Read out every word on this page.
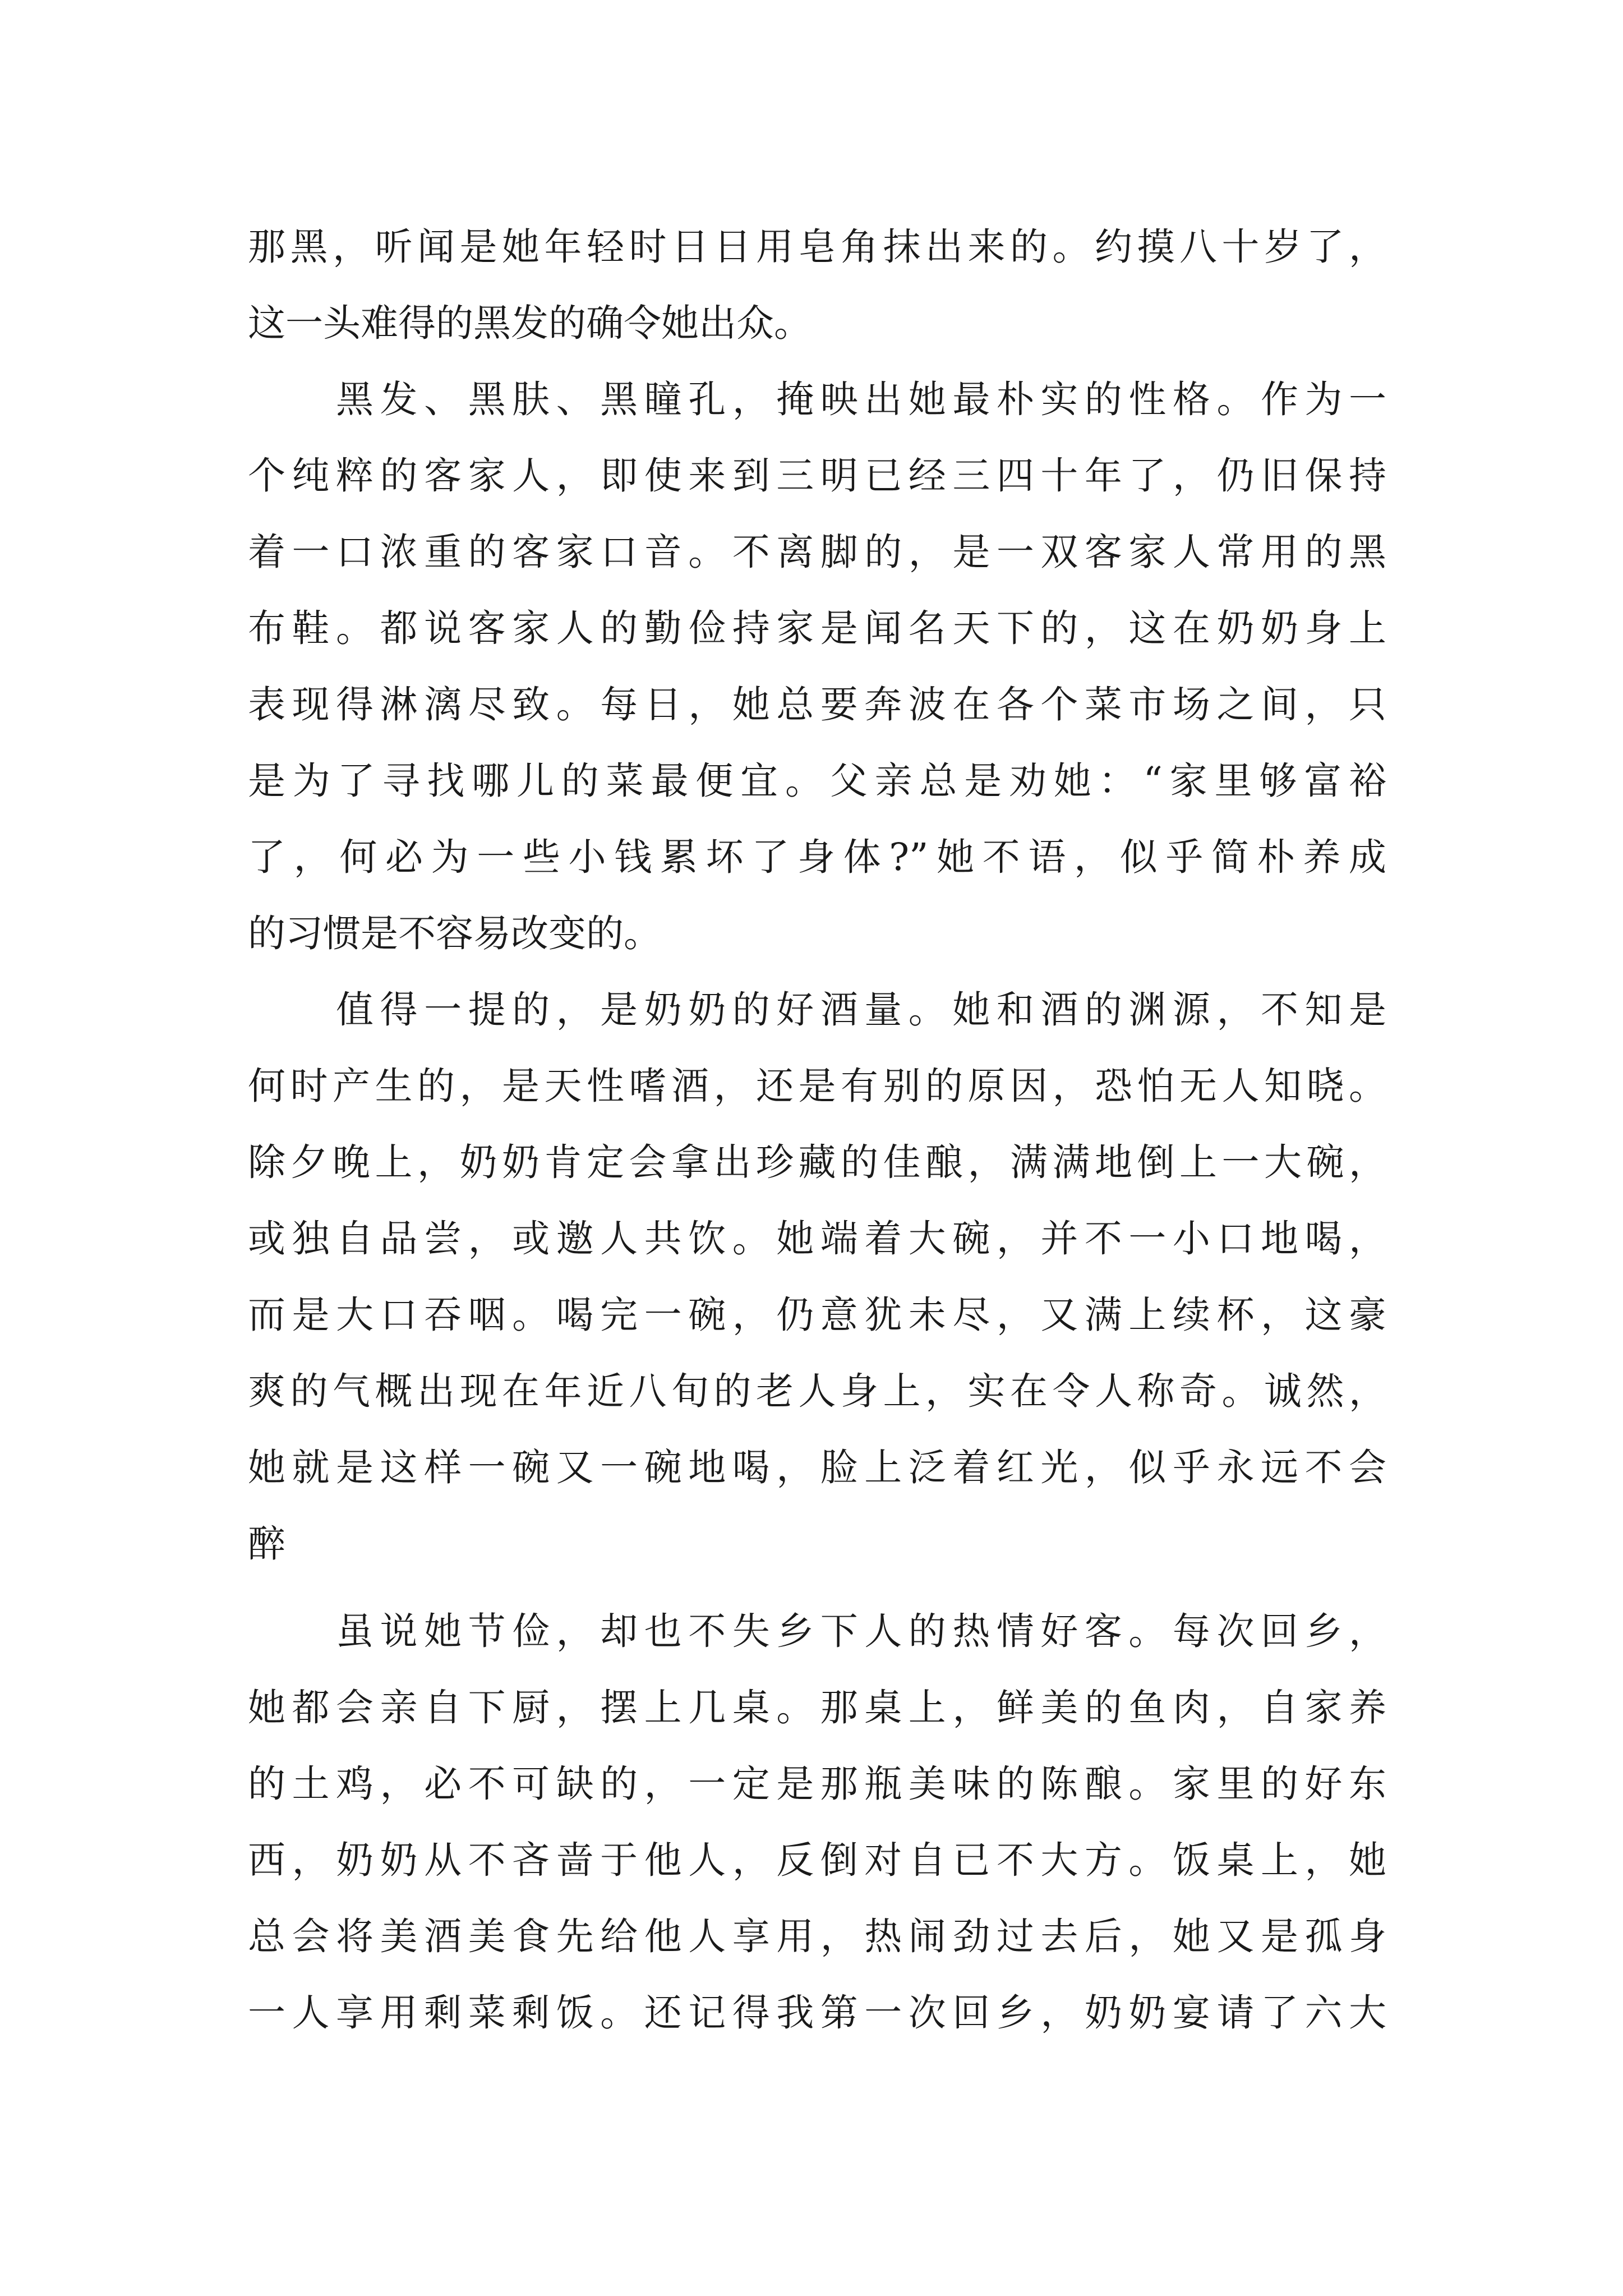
那黑，听闻是她年轻时日日用皂角抹出来的。约摸八十岁了，
这一头难得的黑发的确令她出众。
　　黑发、黑肤、黑瞳孔，掩映出她最朴实的性格。作为一
个纯粹的客家人，即使来到三明已经三四十年了，仍旧保持
着一口浓重的客家口音。不离脚的，是一双客家人常用的黑
布鞋。都说客家人的勤俭持家是闻名天下的，这在奶奶身上
表现得淋漓尽致。每日，她总要奔波在各个菜市场之间，只
是为了寻找哪儿的菜最便宜。父亲总是劝她：“家里够富裕
了，何必为一些小钱累坏了身体?”她不语，似乎简朴养成
的习惯是不容易改变的。
　　值得一提的，是奶奶的好酒量。她和酒的渊源，不知是
何时产生的，是天性嗜酒，还是有别的原因，恐怕无人知晓。
除夕晚上，奶奶肯定会拿出珍藏的佳酿，满满地倒上一大碗，
或独自品尝，或邀人共饮。她端着大碗，并不一小口地喝，
而是大口吞咽。喝完一碗，仍意犹未尽，又满上续杯，这豪
爽的气概出现在年近八旬的老人身上，实在令人称奇。诚然，
她就是这样一碗又一碗地喝，脸上泛着红光，似乎永远不会
醉
　　虽说她节俭，却也不失乡下人的热情好客。每次回乡，
她都会亲自下厨，摆上几桌。那桌上，鲜美的鱼肉，自家养
的土鸡，必不可缺的，一定是那瓶美味的陈酿。家里的好东
西，奶奶从不吝啬于他人，反倒对自已不大方。饭桌上，她
总会将美酒美食先给他人享用，热闹劲过去后，她又是孤身
一人享用剩菜剩饭。还记得我第一次回乡，奶奶宴请了六大
